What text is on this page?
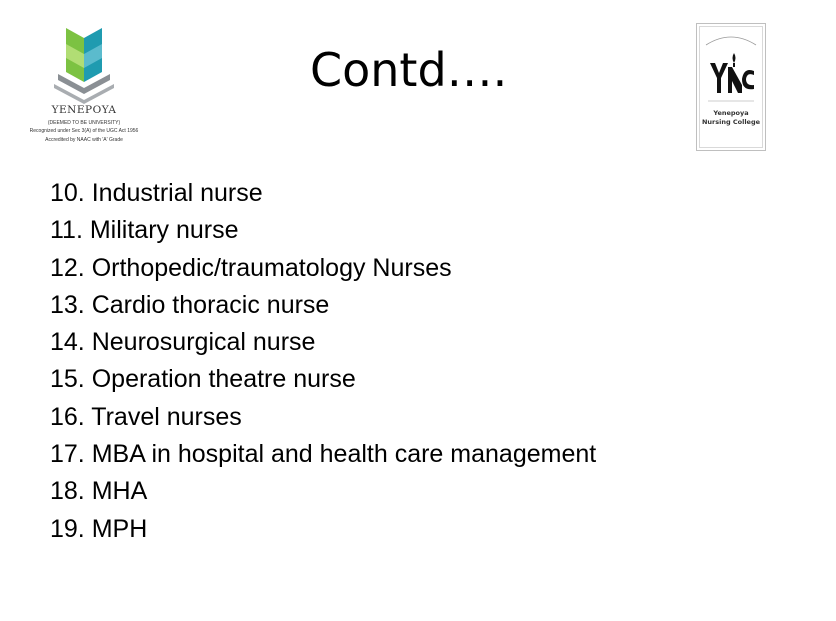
YENEPOYA
(DEEMED TO BE UNIVERSITY)
Recognized under Sec 3(A) of the UGC Act 1956
Accredited by NAAC with 'A' Grade
Contd….
Yenepoya
Nursing College
10. Industrial nurse
11. Military nurse
12. Orthopedic/traumatology Nurses
13. Cardio thoracic nurse
14. Neurosurgical nurse
15. Operation theatre nurse
16. Travel nurses
17. MBA in hospital and health care management
18. MHA
19. MPH
